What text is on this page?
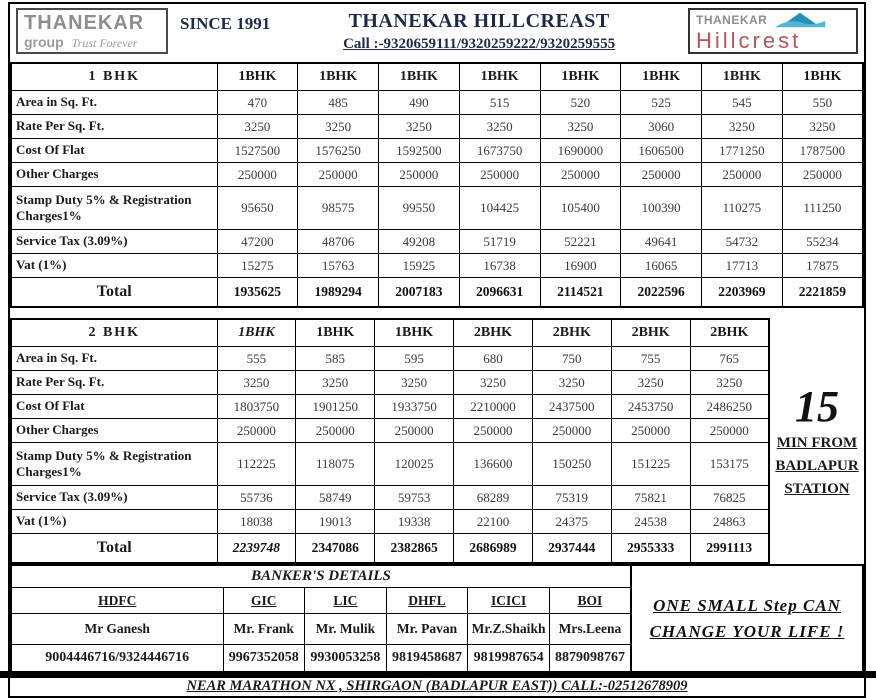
THANEKAR
group Trust Forever
SINCE 1991	THANEKAR HILLCREAST
Call :-9320659111/9320259222/9320259555
THANEKAR
Hillcrest
1 BHK	1BHK	1BHK	1BHK	1BHK	1BHK	1BHK	1BHK	1BHK
Area in Sq. Ft.	470	485	490	515	520	525	545	550
Rate Per Sq. Ft.	3250	3250	3250	3250	3250	3060	3250	3250
Cost Of Flat	1527500	1576250	1592500	1673750	1690000	1606500	1771250	1787500
Other Charges	250000	250000	250000	250000	250000	250000	250000	250000
Stamp Duty 5% & Registration Charges1%	95650	98575	99550	104425	105400	100390	110275	111250
Service Tax (3.09%)	47200	48706	49208	51719	52221	49641	54732	55234
Vat (1%)	15275	15763	15925	16738	16900	16065	17713	17875
Total	1935625	1989294	2007183	2096631	2114521	2022596	2203969	2221859
2 BHK	1BHK	1BHK	1BHK	2BHK	2BHK	2BHK	2BHK
Area in Sq. Ft.	555	585	595	680	750	755	765
Rate Per Sq. Ft.	3250	3250	3250	3250	3250	3250	3250
Cost Of Flat	1803750	1901250	1933750	2210000	2437500	2453750	2486250
Other Charges	250000	250000	250000	250000	250000	250000	250000
Stamp Duty 5% & Registration Charges1%	112225	118075	120025	136600	150250	151225	153175
Service Tax (3.09%)	55736	58749	59753	68289	75319	75821	76825
Vat (1%)	18038	19013	19338	22100	24375	24538	24863
Total	2239748	2347086	2382865	2686989	2937444	2955333	2991113
15
MIN FROM
BADLAPUR
STATION
BANKER'S DETAILS					
HDFC	GIC	LIC	DHFL	ICICI	BOI
Mr Ganesh	Mr. Frank	Mr. Mulik	Mr. Pavan	Mr.Z.Shaikh	Mrs.Leena
9004446716/9324446716	9967352058	9930053258	9819458687	9819987654	8879098767
ONE SMALL Step CAN
CHANGE YOUR LIFE !
NEAR MARATHON NX , SHIRGAON (BADLAPUR EAST)) CALL:-02512678909
